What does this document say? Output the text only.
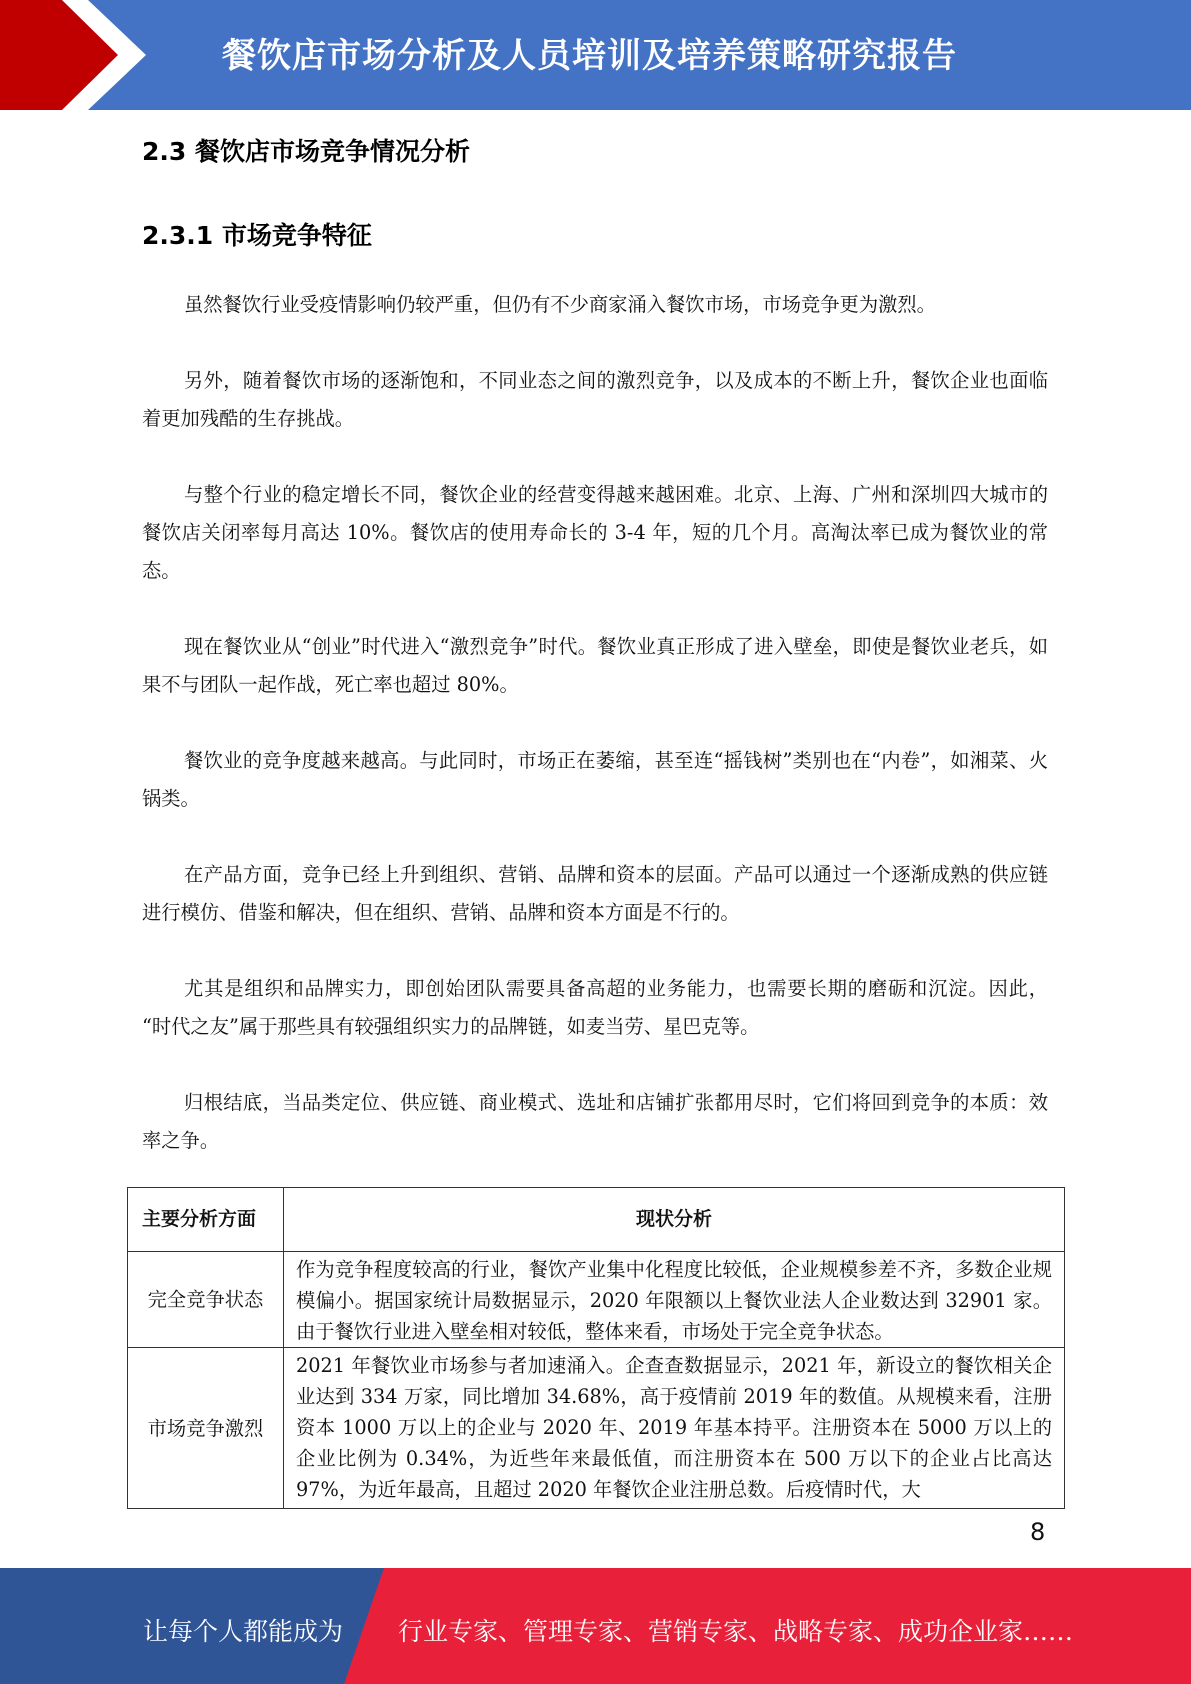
餐饮店市场分析及人员培训及培养策略研究报告
2.3 餐饮店市场竞争情况分析
2.3.1 市场竞争特征

虽然餐饮行业受疫情影响仍较严重，但仍有不少商家涌入餐饮市场，市场竞争更为激烈。

另外，随着餐饮市场的逐渐饱和，不同业态之间的激烈竞争，以及成本的不断上升，餐饮企业也面临着更加残酷的生存挑战。

与整个行业的稳定增长不同，餐饮企业的经营变得越来越困难。北京、上海、广州和深圳四大城市的餐饮店关闭率每月高达 10%。餐饮店的使用寿命长的 3-4 年，短的几个月。高淘汰率已成为餐饮业的常态。

现在餐饮业从“创业”时代进入“激烈竞争”时代。餐饮业真正形成了进入壁垒，即使是餐饮业老兵，如果不与团队一起作战，死亡率也超过 80%。

餐饮业的竞争度越来越高。与此同时，市场正在萎缩，甚至连“摇钱树”类别也在“内卷”，如湘菜、火锅类。

在产品方面，竞争已经上升到组织、营销、品牌和资本的层面。产品可以通过一个逐渐成熟的供应链进行模仿、借鉴和解决，但在组织、营销、品牌和资本方面是不行的。

尤其是组织和品牌实力，即创始团队需要具备高超的业务能力，也需要长期的磨砺和沉淀。因此， “时代之友”属于那些具有较强组织实力的品牌链，如麦当劳、星巴克等。

归根结底，当品类定位、供应链、商业模式、选址和店铺扩张都用尽时，它们将回到竞争的本质：效率之争。

主要分析方面	现状分析
完全竞争状态	作为竞争程度较高的行业，餐饮产业集中化程度比较低，企业规模参差不齐，多数企业规模偏小。据国家统计局数据显示，2020 年限额以上餐饮业法人企业数达到 32901 家。由于餐饮行业进入壁垒相对较低，整体来看，市场处于完全竞争状态。
市场竞争激烈	2021 年餐饮业市场参与者加速涌入。企查查数据显示，2021 年，新设立的餐饮相关企业达到 334 万家，同比增加 34.68%，高于疫情前 2019 年的数值。从规模来看，注册资本 1000 万以上的企业与 2020 年、2019 年基本持平。注册资本在 5000 万以上的企业比例为 0.34%，为近些年来最低值，而注册资本在 500 万以下的企业占比高达 97%，为近年最高，且超过 2020 年餐饮企业注册总数。后疫情时代，大
8
让每个人都能成为 行业专家、管理专家、营销专家、战略专家、成功企业家……
